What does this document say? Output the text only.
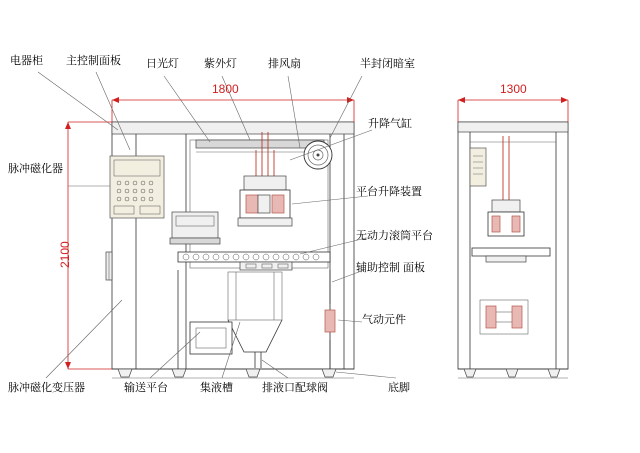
电器柜 主控制面板 日光灯 紫外灯	排风扇	半封闭暗室
脉冲磁化器
升降气缸
平台升降装置
无动力滚筒平台
辅助控制 面板
气动元件
脉冲磁化变压器	输送平台	集液槽	排液口配球阀	底脚
1800
2100
1300
